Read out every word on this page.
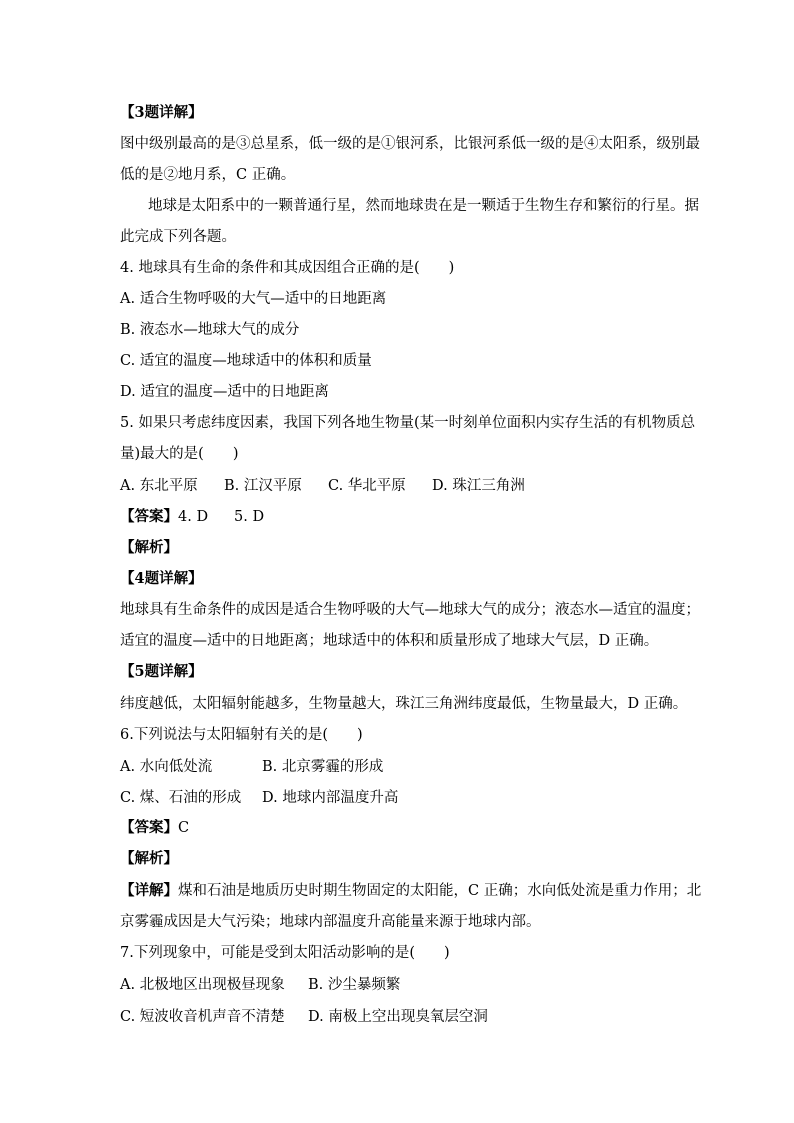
【3题详解】
图中级别最高的是③总星系，低一级的是①银河系，比银河系低一级的是④太阳系，级别最
低的是②地月系，C 正确。
地球是太阳系中的一颗普通行星，然而地球贵在是一颗适于生物生存和繁衍的行星。据
此完成下列各题。
4. 地球具有生命的条件和其成因组合正确的是(　　)
A. 适合生物呼吸的大气—适中的日地距离
B. 液态水—地球大气的成分
C. 适宜的温度—地球适中的体积和质量
D. 适宜的温度—适中的日地距离
5. 如果只考虑纬度因素，我国下列各地生物量(某一时刻单位面积内实存生活的有机物质总
量)最大的是(　　)
A. 东北平原 B. 江汉平原 C. 华北平原 D. 珠江三角洲
【答案】4. D 5. D
【解析】
【4题详解】
地球具有生命条件的成因是适合生物呼吸的大气—地球大气的成分；液态水—适宜的温度；
适宜的温度—适中的日地距离；地球适中的体积和质量形成了地球大气层，D 正确。
【5题详解】
纬度越低，太阳辐射能越多，生物量越大，珠江三角洲纬度最低，生物量最大，D 正确。
6.下列说法与太阳辐射有关的是(　　)
A. 水向低处流	B. 北京雾霾的形成
C. 煤、石油的形成 D. 地球内部温度升高
【答案】C
【解析】
【详解】煤和石油是地质历史时期生物固定的太阳能，C 正确；水向低处流是重力作用；北
京雾霾成因是大气污染；地球内部温度升高能量来源于地球内部。
7.下列现象中，可能是受到太阳活动影响的是(　　)
A. 北极地区出现极昼现象 B. 沙尘暴频繁
C. 短波收音机声音不清楚 D. 南极上空出现臭氧层空洞
